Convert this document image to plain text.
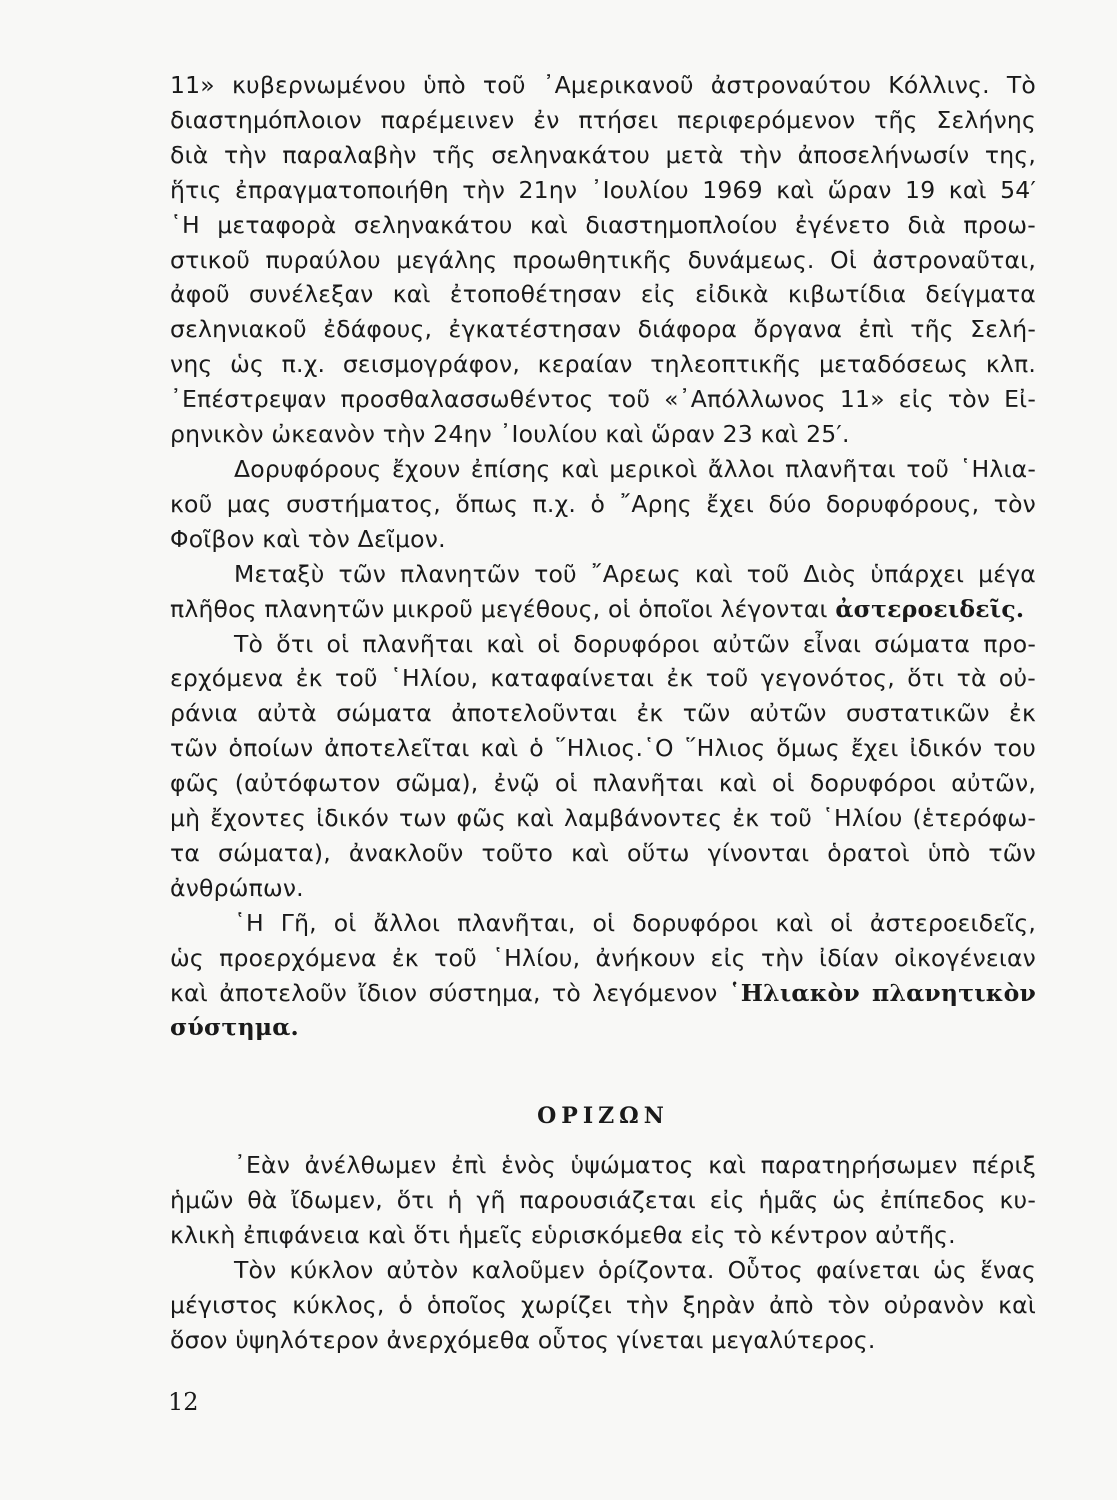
11» κυβερνωμένου ὑπὸ τοῦ ᾿Αμερικανοῦ ἀστροναύτου Κόλλινς. Τὸ
διαστημόπλοιον παρέμεινεν ἐν πτήσει περιφερόμενον τῆς Σελήνης
διὰ τὴν παραλαβὴν τῆς σεληνακάτου μετὰ τὴν ἀποσελήνωσίν της,
ἥτις ἐπραγματοποιήθη τὴν 21ην ᾿Ιουλίου 1969 καὶ ὥραν 19 καὶ 54′
῾Η μεταφορὰ σεληνακάτου καὶ διαστημοπλοίου ἐγένετο διὰ προω-
στικοῦ πυραύλου μεγάλης προωθητικῆς δυνάμεως. Οἱ ἀστροναῦται,
ἀφοῦ συνέλεξαν καὶ ἐτοποθέτησαν εἰς εἰδικὰ κιβωτίδια δείγματα
σεληνιακοῦ ἐδάφους, ἐγκατέστησαν διάφορα ὄργανα ἐπὶ τῆς Σελή-
νης ὡς π.χ. σεισμογράφον, κεραίαν τηλεοπτικῆς μεταδόσεως κλπ.
᾿Επέστρεψαν προσθαλασσωθέντος τοῦ «᾿Απόλλωνος 11» εἰς τὸν Εἰ-
ρηνικὸν ὠκεανὸν τὴν 24ην ᾿Ιουλίου καὶ ὥραν 23 καὶ 25′.
Δορυφόρους ἔχουν ἐπίσης καὶ μερικοὶ ἄλλοι πλανῆται τοῦ ῾Ηλια-
κοῦ μας συστήματος, ὅπως π.χ. ὁ ῎Αρης ἔχει δύο δορυφόρους, τὸν
Φοῖβον καὶ τὸν Δεῖμον.
Μεταξὺ τῶν πλανητῶν τοῦ ῎Αρεως καὶ τοῦ Διὸς ὑπάρχει μέγα
πλῆθος πλανητῶν μικροῦ μεγέθους, οἱ ὁποῖοι λέγονται ἀστεροειδεῖς.
Τὸ ὅτι οἱ πλανῆται καὶ οἱ δορυφόροι αὐτῶν εἶναι σώματα προ-
ερχόμενα ἐκ τοῦ ῾Ηλίου, καταφαίνεται ἐκ τοῦ γεγονότος, ὅτι τὰ οὐ-
ράνια αὐτὰ σώματα ἀποτελοῦνται ἐκ τῶν αὐτῶν συστατικῶν ἐκ
τῶν ὁποίων ἀποτελεῖται καὶ ὁ ῞Ηλιος.῾Ο ῞Ηλιος ὅμως ἔχει ἰδικόν του
φῶς (αὐτόφωτον σῶμα), ἐνῷ οἱ πλανῆται καὶ οἱ δορυφόροι αὐτῶν,
μὴ ἔχοντες ἰδικόν των φῶς καὶ λαμβάνοντες ἐκ τοῦ ῾Ηλίου (ἑτερόφω-
τα σώματα), ἀνακλοῦν τοῦτο καὶ οὕτω γίνονται ὁρατοὶ ὑπὸ τῶν
ἀνθρώπων.
῾Η Γῆ, οἱ ἄλλοι πλανῆται, οἱ δορυφόροι καὶ οἱ ἀστεροειδεῖς,
ὡς προερχόμενα ἐκ τοῦ ῾Ηλίου, ἀνήκουν εἰς τὴν ἰδίαν οἰκογένειαν
καὶ ἀποτελοῦν ἴδιον σύστημα, τὸ λεγόμενον ῾Ηλιακὸν πλανητικὸν
σύστημα.
ΟΡΙΖΩΝ
᾿Εὰν ἀνέλθωμεν ἐπὶ ἑνὸς ὑψώματος καὶ παρατηρήσωμεν πέριξ
ἡμῶν θὰ ἴδωμεν, ὅτι ἡ γῆ παρουσιάζεται εἰς ἡμᾶς ὡς ἐπίπεδος κυ-
κλικὴ ἐπιφάνεια καὶ ὅτι ἡμεῖς εὑρισκόμεθα εἰς τὸ κέντρον αὐτῆς.
Τὸν κύκλον αὐτὸν καλοῦμεν ὁρίζοντα. Οὗτος φαίνεται ὡς ἕνας
μέγιστος κύκλος, ὁ ὁποῖος χωρίζει τὴν ξηρὰν ἀπὸ τὸν οὐρανὸν καὶ
ὅσον ὑψηλότερον ἀνερχόμεθα οὗτος γίνεται μεγαλύτερος.
12
